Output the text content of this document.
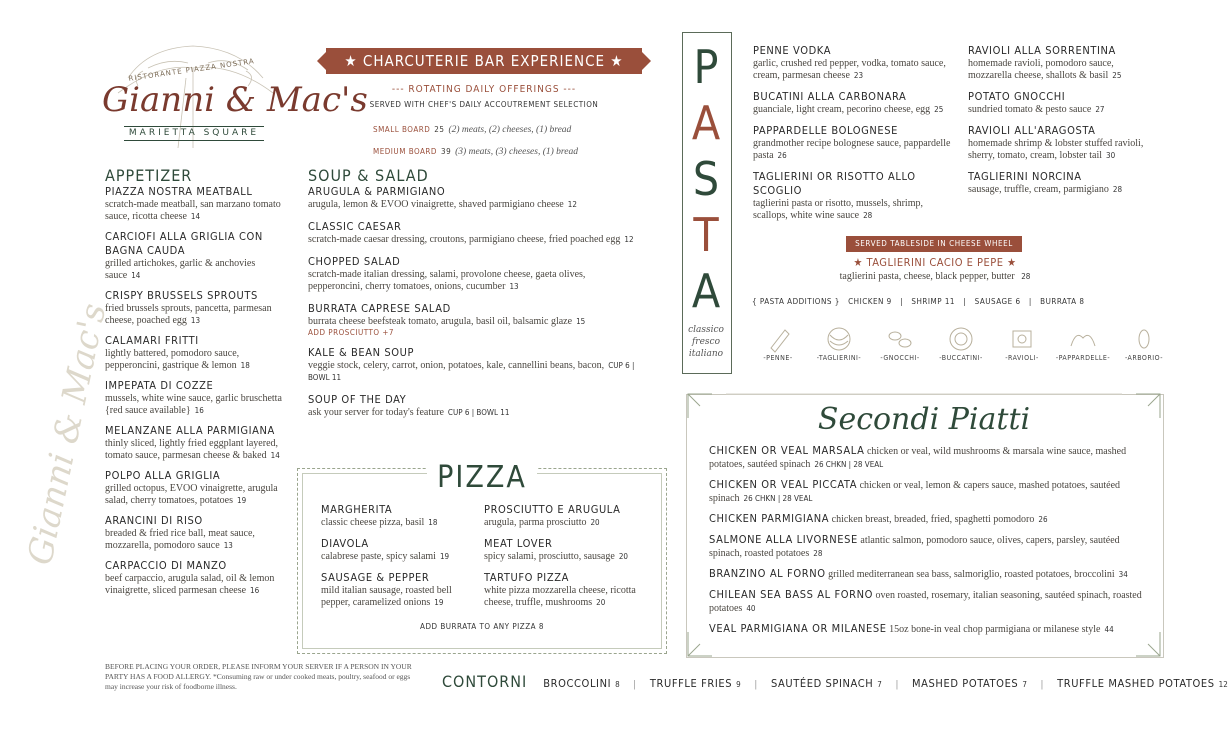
RISTORANTE PIAZZA NOSTRA
Gianni & Mac's
MARIETTA SQUARE
Gianni & Mac's
APPETIZER
PIAZZA NOSTRA MEATBALL
scratch-made meatball, san marzano tomato sauce, ricotta cheese 14
CARCIOFI ALLA GRIGLIA CON BAGNA CAUDA
grilled artichokes, garlic & anchovies sauce 14
CRISPY BRUSSELS SPROUTS
fried brussels sprouts, pancetta, parmesan cheese, poached egg 13
CALAMARI FRITTI
lightly battered, pomodoro sauce, pepperoncini, gastrique & lemon 18
IMPEPATA DI COZZE
mussels, white wine sauce, garlic bruschetta {red sauce available} 16
MELANZANE ALLA PARMIGIANA
thinly sliced, lightly fried eggplant layered, tomato sauce, parmesan cheese & baked 14
POLPO ALLA GRIGLIA
grilled octopus, EVOO vinaigrette, arugula salad, cherry tomatoes, potatoes 19
ARANCINI DI RISO
breaded & fried rice ball, meat sauce, mozzarella, pomodoro sauce 13
CARPACCIO DI MANZO
beef carpaccio, arugula salad, oil & lemon vinaigrette, sliced parmesan cheese 16
BEFORE PLACING YOUR ORDER, PLEASE INFORM YOUR SERVER IF A PERSON IN YOUR PARTY HAS A FOOD ALLERGY. *Consuming raw or under cooked meats, poultry, seafood or eggs may increase your risk of foodborne illness.
★ CHARCUTERIE BAR EXPERIENCE ★
--- ROTATING DAILY OFFERINGS ---
SERVED WITH CHEF'S DAILY ACCOUTREMENT SELECTION
SMALL BOARD 25 (2) meats, (2) cheeses, (1) bread
MEDIUM BOARD 39 (3) meats, (3) cheeses, (1) bread
SOUP & SALAD
ARUGULA & PARMIGIANO
arugula, lemon & EVOO vinaigrette, shaved parmigiano cheese 12
CLASSIC CAESAR
scratch-made caesar dressing, croutons, parmigiano cheese, fried poached egg 12
CHOPPED SALAD
scratch-made italian dressing, salami, provolone cheese, gaeta olives, pepperoncini, cherry tomatoes, onions, cucumber 13
BURRATA CAPRESE SALAD
burrata cheese beefsteak tomato, arugula, basil oil, balsamic glaze 15
ADD PROSCIUTTO +7
KALE & BEAN SOUP
veggie stock, celery, carrot, onion, potatoes, kale, cannellini beans, bacon, CUP 6 | BOWL 11
SOUP OF THE DAY
ask your server for today's feature CUP 6 | BOWL 11
PIZZA
MARGHERITA
classic cheese pizza, basil 18
DIAVOLA
calabrese paste, spicy salami 19
SAUSAGE & PEPPER
mild italian sausage, roasted bell pepper, caramelized onions 19
PROSCIUTTO E ARUGULA
arugula, parma prosciutto 20
MEAT LOVER
spicy salami, prosciutto, sausage 20
TARTUFO PIZZA
white pizza mozzarella cheese, ricotta cheese, truffle, mushrooms 20
ADD BURRATA TO ANY PIZZA 8
P
A
S
T
A
classico
fresco
italiano
PENNE VODKA
garlic, crushed red pepper, vodka, tomato sauce, cream, parmesan cheese 23
BUCATINI ALLA CARBONARA
guanciale, light cream, pecorino cheese, egg 25
PAPPARDELLE BOLOGNESE
grandmother recipe bolognese sauce, pappardelle pasta 26
TAGLIERINI OR RISOTTO ALLO SCOGLIO
taglierini pasta or risotto, mussels, shrimp, scallops, white wine sauce 28
RAVIOLI ALLA SORRENTINA
homemade ravioli, pomodoro sauce, mozzarella cheese, shallots & basil 25
POTATO GNOCCHI
sundried tomato & pesto sauce 27
RAVIOLI ALL'ARAGOSTA
homemade shrimp & lobster stuffed ravioli, sherry, tomato, cream, lobster tail 30
TAGLIERINI NORCINA
sausage, truffle, cream, parmigiano 28
SERVED TABLESIDE IN CHEESE WHEEL
★ TAGLIERINI CACIO E PEPE ★
taglierini pasta, cheese, black pepper, butter 28
{ PASTA ADDITIONS }   CHICKEN 9   |   SHRIMP 11   |   SAUSAGE 6   |   BURRATA 8
-PENNE-	-TAGLIERINI-	-GNOCCHI-	-BUCCATINI-	-RAVIOLI-	-PAPPARDELLE-	-ARBORIO-
Secondi Piatti
CHICKEN OR VEAL MARSALA chicken or veal, wild mushrooms & marsala wine sauce, mashed potatoes, sautéed spinach 26 CHKN | 28 VEAL
CHICKEN OR VEAL PICCATA chicken or veal, lemon & capers sauce, mashed potatoes, sautéed spinach 26 CHKN | 28 VEAL
CHICKEN PARMIGIANA chicken breast, breaded, fried, spaghetti pomodoro 26
SALMONE ALLA LIVORNESE atlantic salmon, pomodoro sauce, olives, capers, parsley, sautéed spinach, roasted potatoes 28
BRANZINO AL FORNO grilled mediterranean sea bass, salmoriglio, roasted potatoes, broccolini 34
CHILEAN SEA BASS AL FORNO oven roasted, rosemary, italian seasoning, sautéed spinach, roasted potatoes 40
VEAL PARMIGIANA OR MILANESE 15oz bone-in veal chop parmigiana or milanese style 44
CONTORNI BROCCOLINI 8 | TRUFFLE FRIES 9 | SAUTÉED SPINACH 7 | MASHED POTATOES 7 | TRUFFLE MASHED POTATOES 12
